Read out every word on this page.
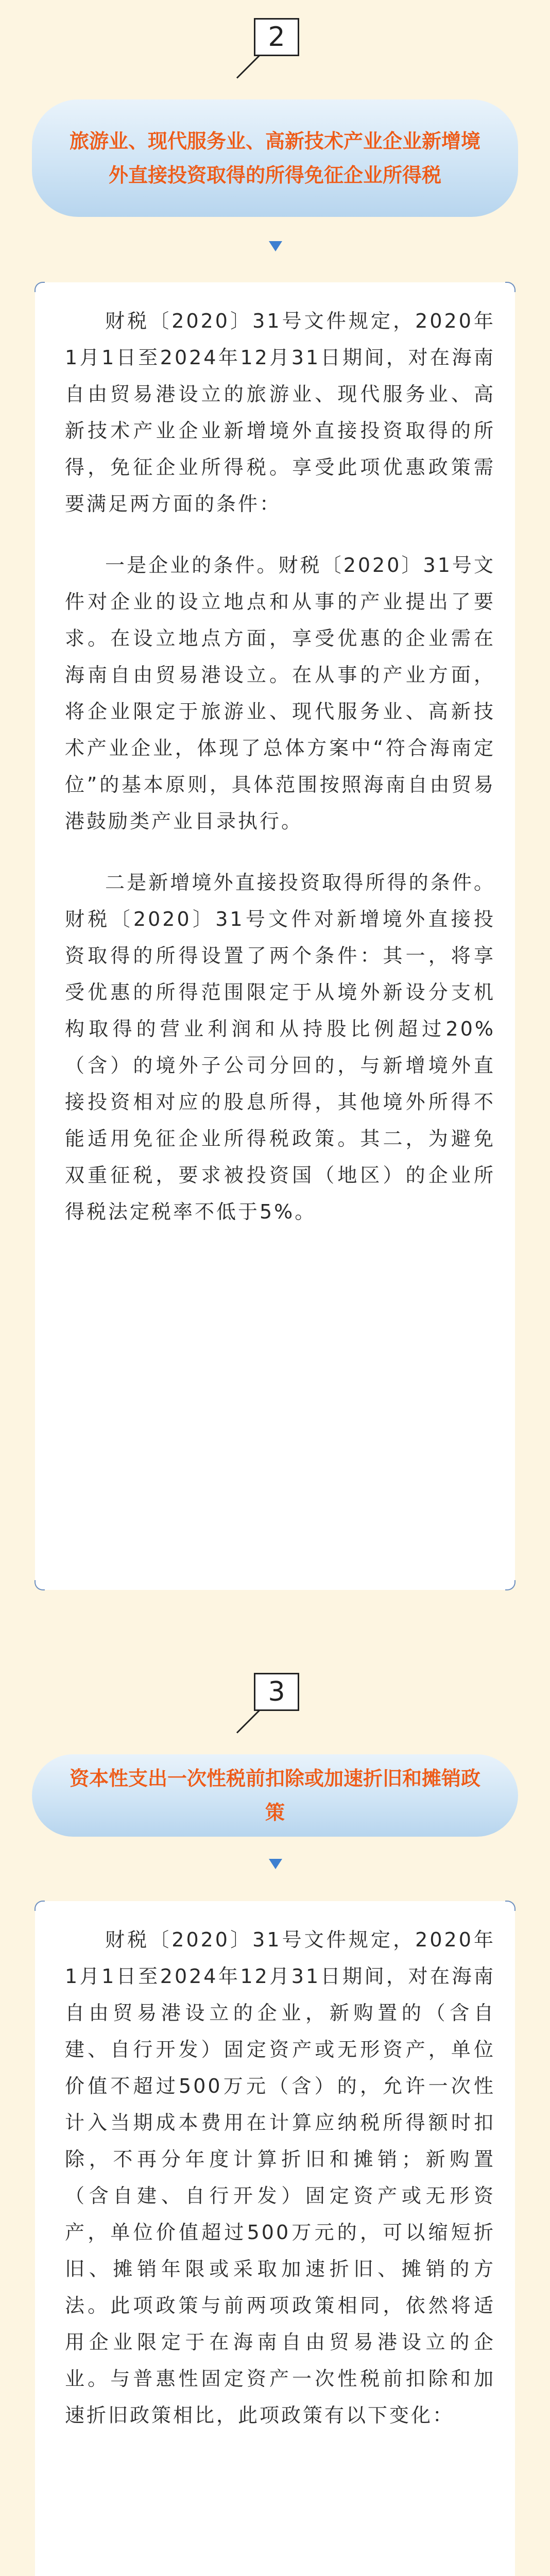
2
旅游业、现代服务业、高新技术产业企业新增境外直接投资取得的所得免征企业所得税

财税〔2020〕31号文件规定，2020年1月1日至2024年12月31日期间，对在海南自由贸易港设立的旅游业、现代服务业、高新技术产业企业新增境外直接投资取得的所得，免征企业所得税。享受此项优惠政策需要满足两方面的条件：

一是企业的条件。财税〔2020〕31号文件对企业的设立地点和从事的产业提出了要求。在设立地点方面，享受优惠的企业需在海南自由贸易港设立。在从事的产业方面，将企业限定于旅游业、现代服务业、高新技术产业企业，体现了总体方案中“符合海南定位”的基本原则，具体范围按照海南自由贸易港鼓励类产业目录执行。

二是新增境外直接投资取得所得的条件。财税〔2020〕31号文件对新增境外直接投资取得的所得设置了两个条件：其一，将享受优惠的所得范围限定于从境外新设分支机构取得的营业利润和从持股比例超过20%（含）的境外子公司分回的，与新增境外直接投资相对应的股息所得，其他境外所得不能适用免征企业所得税政策。其二，为避免双重征税，要求被投资国（地区）的企业所得税法定税率不低于5%。

3
资本性支出一次性税前扣除或加速折旧和摊销政策

财税〔2020〕31号文件规定，2020年1月1日至2024年12月31日期间，对在海南自由贸易港设立的企业，新购置的（含自建、自行开发）固定资产或无形资产，单位价值不超过500万元（含）的，允许一次性计入当期成本费用在计算应纳税所得额时扣除，不再分年度计算折旧和摊销；新购置（含自建、自行开发）固定资产或无形资产，单位价值超过500万元的，可以缩短折旧、摊销年限或采取加速折旧、摊销的方法。此项政策与前两项政策相同，依然将适用企业限定于在海南自由贸易港设立的企业。与普惠性固定资产一次性税前扣除和加速折旧政策相比，此项政策有以下变化：
